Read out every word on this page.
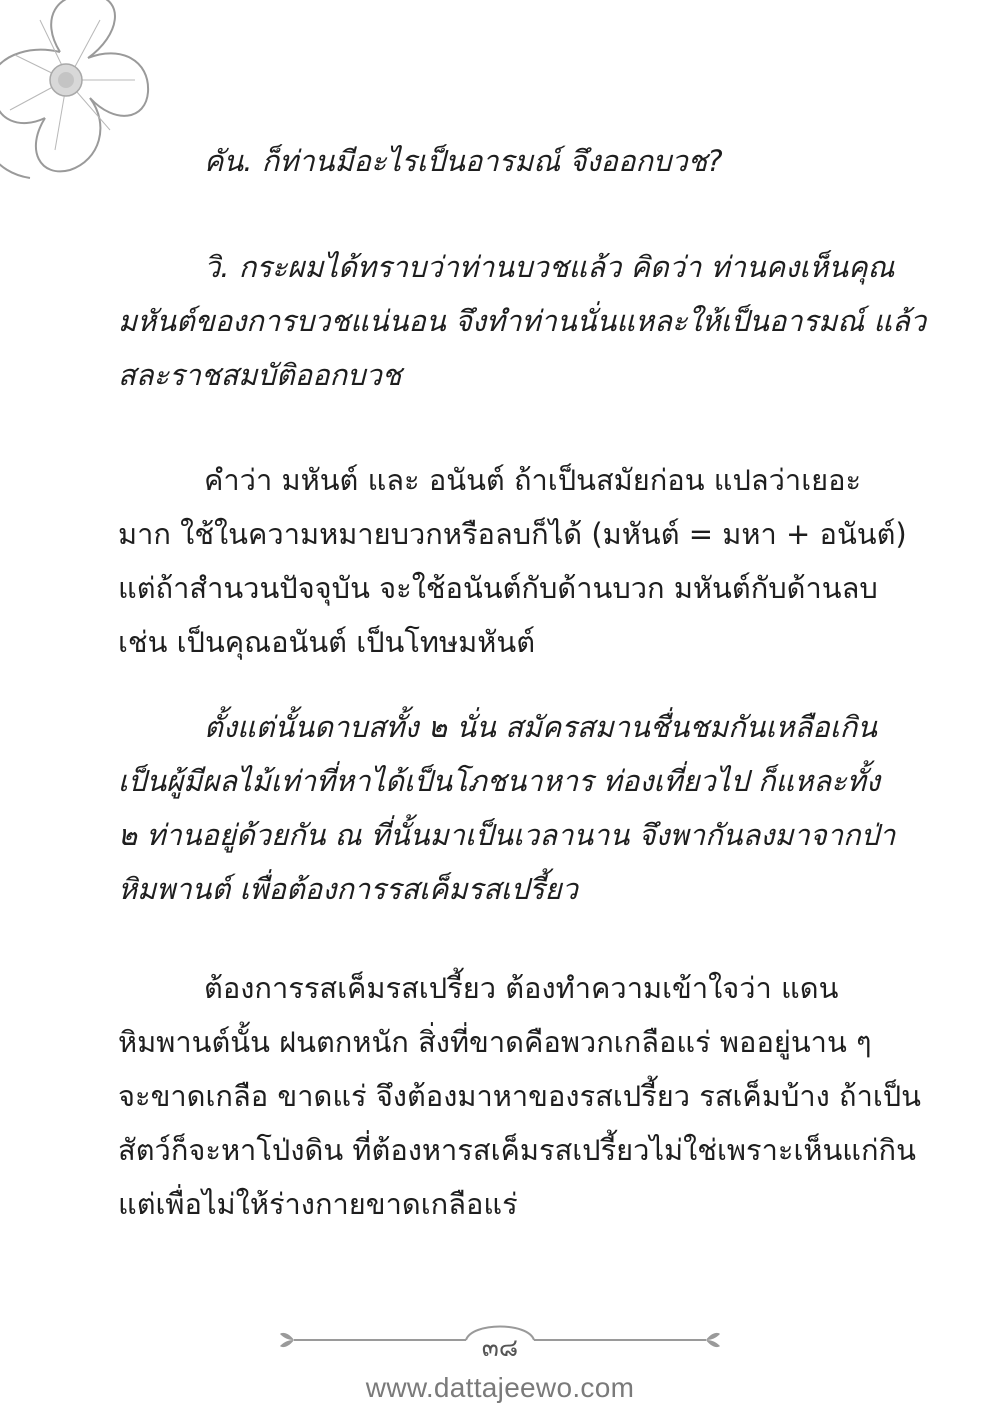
คัน. ก็ท่านมีอะไรเป็นอารมณ์ จึงออกบวช?

วิ. กระผมได้ทราบว่าท่านบวชแล้ว คิดว่า ท่านคงเห็นคุณ
มหันต์ของการบวชแน่นอน จึงทำท่านนั่นแหละให้เป็นอารมณ์ แล้ว
สละราชสมบัติออกบวช

คำว่า มหันต์ และ อนันต์ ถ้าเป็นสมัยก่อน แปลว่าเยอะ
มาก ใช้ในความหมายบวกหรือลบก็ได้ (มหันต์ = มหา + อนันต์)
แต่ถ้าสำนวนปัจจุบัน จะใช้อนันต์กับด้านบวก มหันต์กับด้านลบ
เช่น เป็นคุณอนันต์ เป็นโทษมหันต์

ตั้งแต่นั้นดาบสทั้ง ๒ นั่น สมัครสมานชื่นชมกันเหลือเกิน
เป็นผู้มีผลไม้เท่าที่หาได้เป็นโภชนาหาร ท่องเที่ยวไป ก็แหละทั้ง
๒ ท่านอยู่ด้วยกัน ณ ที่นั้นมาเป็นเวลานาน จึงพากันลงมาจากป่า
หิมพานต์ เพื่อต้องการรสเค็มรสเปรี้ยว

ต้องการรสเค็มรสเปรี้ยว ต้องทำความเข้าใจว่า แดน
หิมพานต์นั้น ฝนตกหนัก สิ่งที่ขาดคือพวกเกลือแร่ พออยู่นาน ๆ
จะขาดเกลือ ขาดแร่ จึงต้องมาหาของรสเปรี้ยว รสเค็มบ้าง ถ้าเป็น
สัตว์ก็จะหาโป่งดิน ที่ต้องหารสเค็มรสเปรี้ยวไม่ใช่เพราะเห็นแก่กิน
แต่เพื่อไม่ให้ร่างกายขาดเกลือแร่

๓๘
www.dattajeewo.com
